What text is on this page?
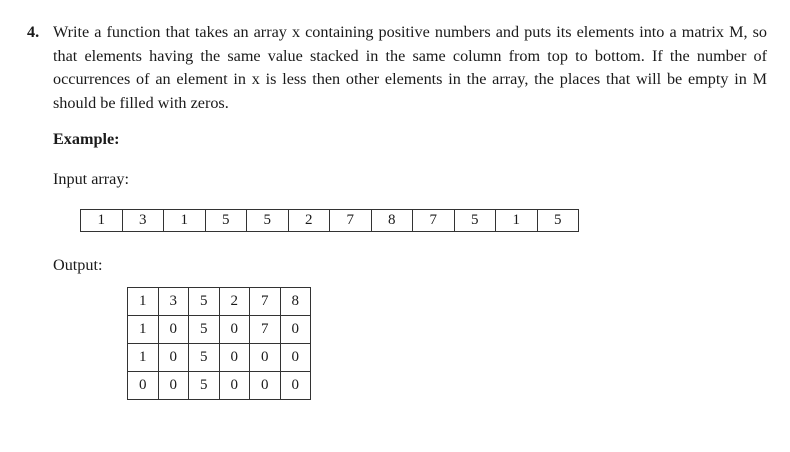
4. Write a function that takes an array x containing positive numbers and puts its elements into a matrix M, so that elements having the same value stacked in the same column from top to bottom. If the number of occurrences of an element in x is less then other elements in the array, the places that will be empty in M should be filled with zeros.
Example:
Input array:
1	3	1	5	5	2	7	8	7	5	1	5
Output:
1	3	5	2	7	8
1	0	5	0	7	0
1	0	5	0	0	0
0	0	5	0	0	0
